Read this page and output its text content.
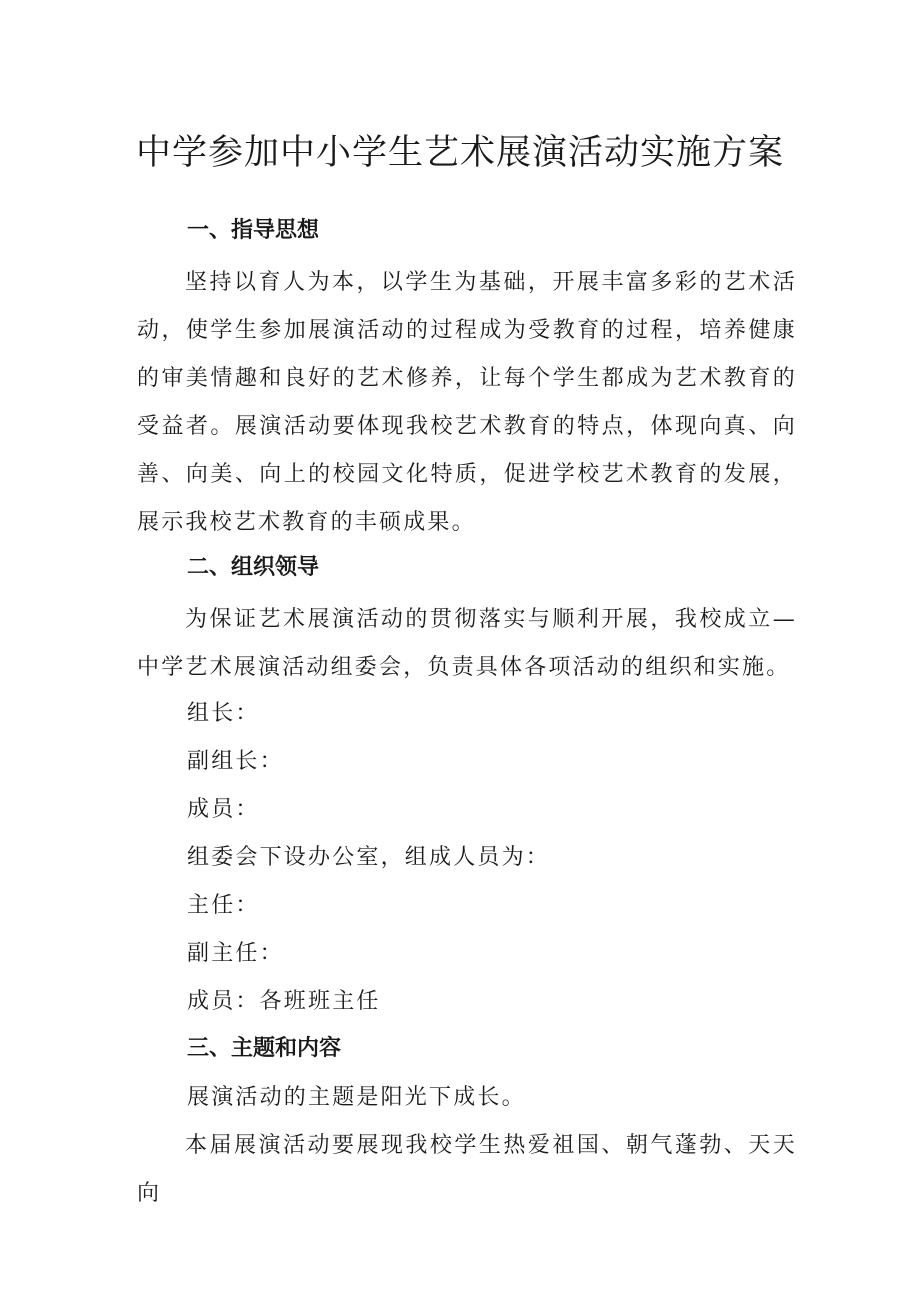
中学参加中小学生艺术展演活动实施方案
一、指导思想

坚持以育人为本，以学生为基础，开展丰富多彩的艺术活动，使学生参加展演活动的过程成为受教育的过程，培养健康的审美情趣和良好的艺术修养，让每个学生都成为艺术教育的受益者。展演活动要体现我校艺术教育的特点，体现向真、向善、向美、向上的校园文化特质，促进学校艺术教育的发展，展示我校艺术教育的丰硕成果。

二、组织领导

为保证艺术展演活动的贯彻落实与顺利开展，我校成立—中学艺术展演活动组委会，负责具体各项活动的组织和实施。

组长：

副组长：

成员：

组委会下设办公室，组成人员为：

主任：

副主任：

成员：各班班主任

三、主题和内容

展演活动的主题是阳光下成长。

本届展演活动要展现我校学生热爱祖国、朝气蓬勃、天天向
